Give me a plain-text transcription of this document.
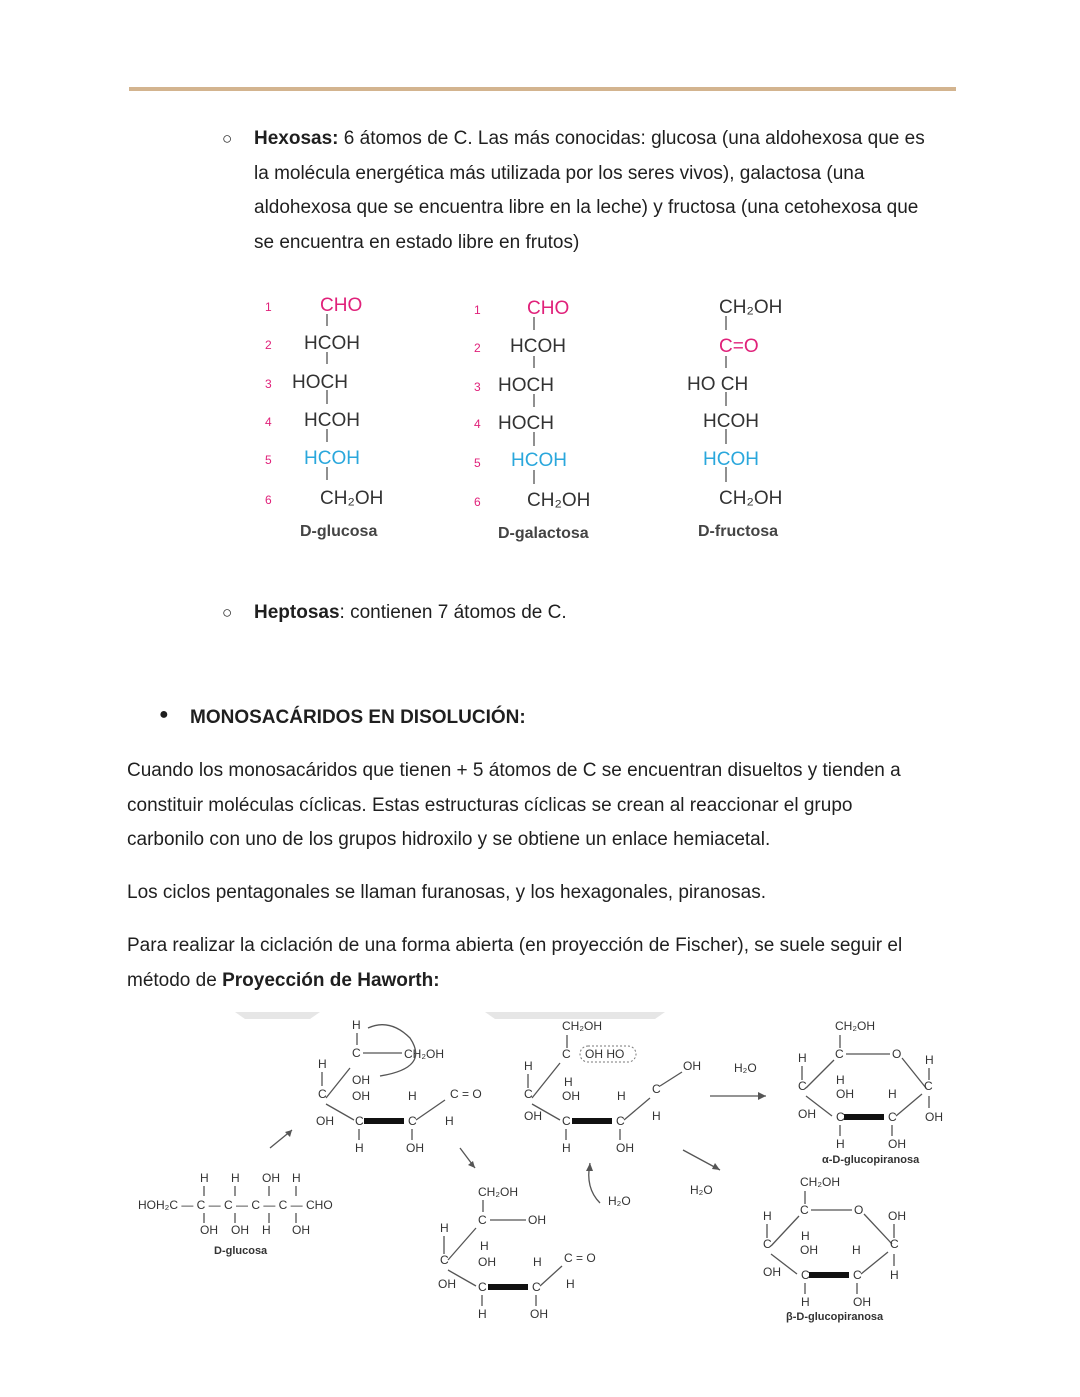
○ Hexosas: 6 átomos de C. Las más conocidas: glucosa (una aldohexosa que es
la molécula energética más utilizada por los seres vivos), galactosa (una
aldohexosa que se encuentra libre en la leche) y fructosa (una cetohexosa que
se encuentra en estado libre en frutos)
1
2
3
4
5
6
CHO
HCOH
HOCH
HCOH
HCOH
CH₂OH
D-glucosa
1
2
3
4
5
6
CHO
HCOH
HOCH
HOCH
HCOH
CH₂OH
D-galactosa
CH₂OH
C=O
HO CH
HCOH
HCOH
CH₂OH
D-fructosa
○ Heptosas: contienen 7 átomos de C.
● MONOSACÁRIDOS EN DISOLUCIÓN:
Cuando los monosacáridos que tienen + 5 átomos de C se encuentran disueltos y tienden a
constituir moléculas cíclicas. Estas estructuras cíclicas se crean al reaccionar el grupo
carbonilo con uno de los grupos hidroxilo y se obtiene un enlace hemiacetal.
Los ciclos pentagonales se llaman furanosas, y los hexagonales, piranosas.
Para realizar la ciclación de una forma abierta (en proyección de Fischer), se suele seguir el
método de Proyección de Haworth:
H H OH H
HOH₂C — C — C — C — C — CHO
OH OH H OH
D-glucosa
H
C	CH₂OH
OH
H
C OH	H	C = O
OH C	C H
H	OH
CH₂OH
C OH HO
H
C
H
OH	H C
OH
OH C	C H
H	OH
CH₂OH
C	OH
H
C
H
OH	H C = O
OH C	C H
H	OH
H₂O
H₂O
H₂O
CH₂OH
C	O
H
C H
OH	H
C
H
OH C	C OH
H	OH
α-D-glucopiranosa
CH₂OH
C	O
H
C
H
OH	H C
OH
OH C	C H
H	OH
β-D-glucopiranosa
